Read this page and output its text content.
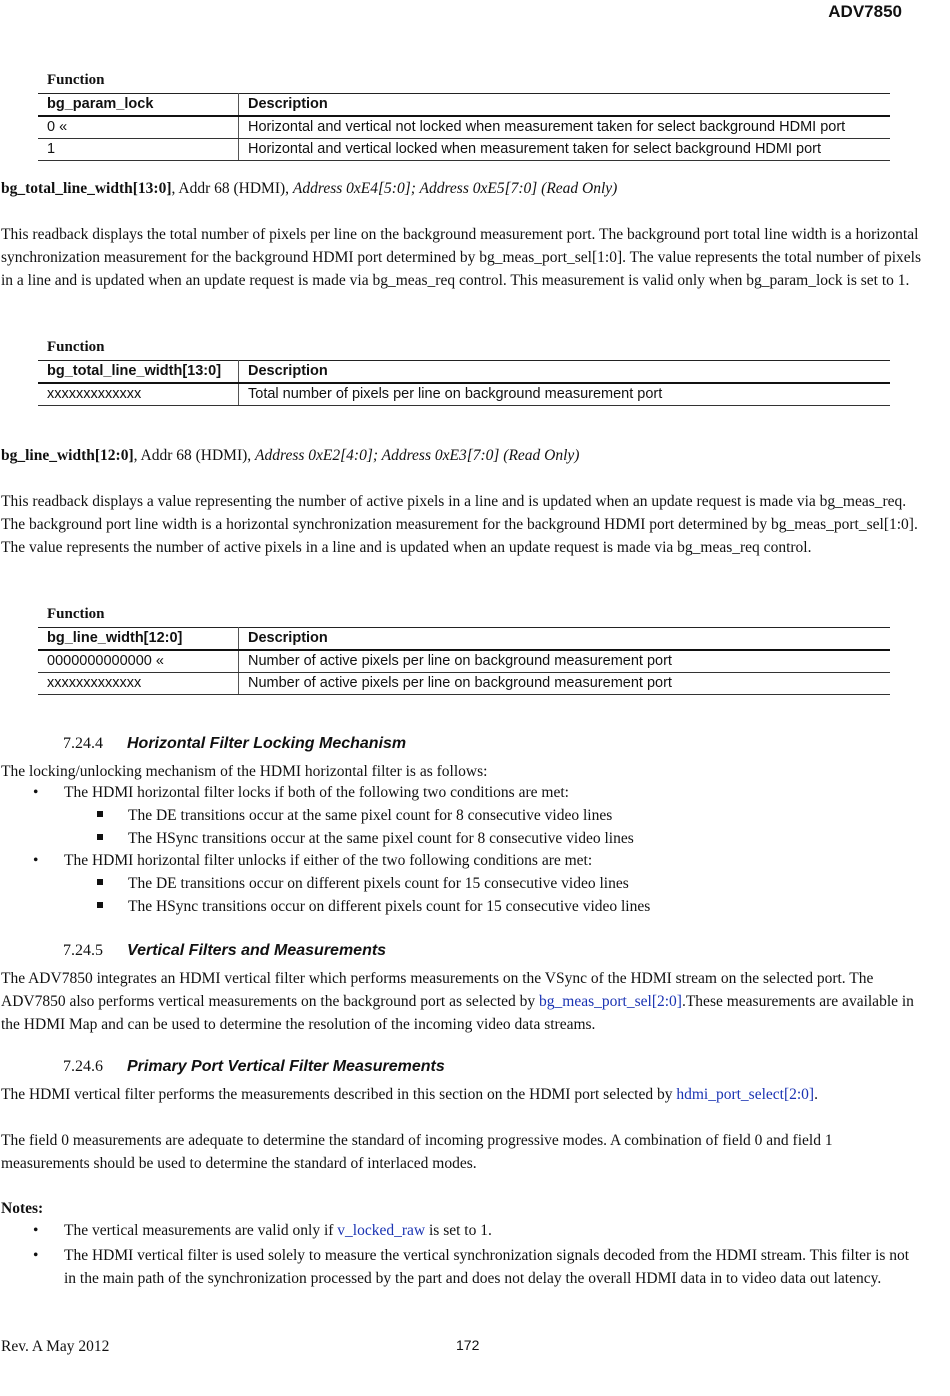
ADV7850
Function
bg_param_lock	Description
0 «	Horizontal and vertical not locked when measurement taken for select background HDMI port
1	Horizontal and vertical locked when measurement taken for select background HDMI port
bg_total_line_width[13:0], Addr 68 (HDMI), Address 0xE4[5:0]; Address 0xE5[7:0] (Read Only)
This readback displays the total number of pixels per line on the background measurement port. The background port total line width is a horizontal synchronization measurement for the background HDMI port determined by bg_meas_port_sel[1:0]. The value represents the total number of pixels in a line and is updated when an update request is made via bg_meas_req control. This measurement is valid only when bg_param_lock is set to 1.
Function
bg_total_line_width[13:0]	Description
xxxxxxxxxxxxx	Total number of pixels per line on background measurement port
bg_line_width[12:0], Addr 68 (HDMI), Address 0xE2[4:0]; Address 0xE3[7:0] (Read Only)
This readback displays a value representing the number of active pixels in a line and is updated when an update request is made via bg_meas_req. The background port line width is a horizontal synchronization measurement for the background HDMI port determined by bg_meas_port_sel[1:0]. The value represents the number of active pixels in a line and is updated when an update request is made via bg_meas_req control.
Function
bg_line_width[12:0]	Description
0000000000000 «	Number of active pixels per line on background measurement port
xxxxxxxxxxxxx	Number of active pixels per line on background measurement port
7.24.4 Horizontal Filter Locking Mechanism
The locking/unlocking mechanism of the HDMI horizontal filter is as follows:
• The HDMI horizontal filter locks if both of the following two conditions are met:
The DE transitions occur at the same pixel count for 8 consecutive video lines
The HSync transitions occur at the same pixel count for 8 consecutive video lines
• The HDMI horizontal filter unlocks if either of the two following conditions are met:
The DE transitions occur on different pixels count for 15 consecutive video lines
The HSync transitions occur on different pixels count for 15 consecutive video lines
7.24.5 Vertical Filters and Measurements
The ADV7850 integrates an HDMI vertical filter which performs measurements on the VSync of the HDMI stream on the selected port. The ADV7850 also performs vertical measurements on the background port as selected by bg_meas_port_sel[2:0].These measurements are available in the HDMI Map and can be used to determine the resolution of the incoming video data streams.
7.24.6 Primary Port Vertical Filter Measurements
The HDMI vertical filter performs the measurements described in this section on the HDMI port selected by hdmi_port_select[2:0].
The field 0 measurements are adequate to determine the standard of incoming progressive modes. A combination of field 0 and field 1 measurements should be used to determine the standard of interlaced modes.
Notes:
• The vertical measurements are valid only if v_locked_raw is set to 1.
•	The HDMI vertical filter is used solely to measure the vertical synchronization signals decoded from the HDMI stream. This filter is not in the main path of the synchronization processed by the part and does not delay the overall HDMI data in to video data out latency.
Rev. A May 2012	172
